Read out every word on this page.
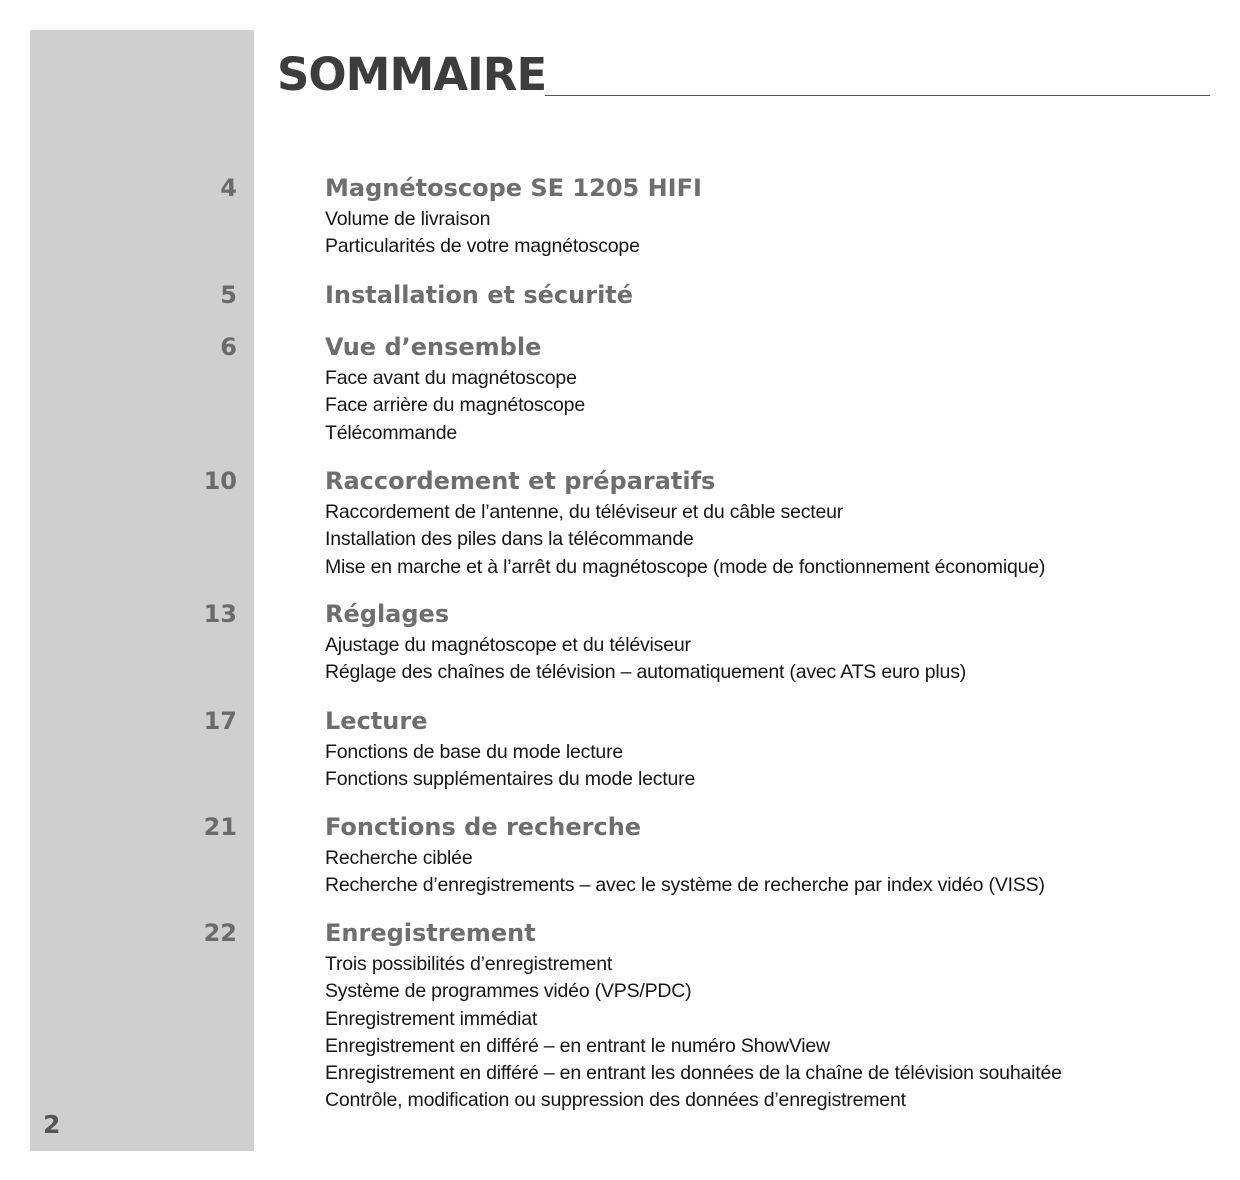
SOMMAIRE
4	Magnétoscope SE 1205 HIFI
Volume de livraison
Particularités de votre magnétoscope
5	Installation et sécurité
6	Vue d’ensemble
Face avant du magnétoscope
Face arrière du magnétoscope
Télécommande
10	Raccordement et préparatifs
Raccordement de l’antenne, du téléviseur et du câble secteur
Installation des piles dans la télécommande
Mise en marche et à l’arrêt du magnétoscope (mode de fonctionnement économique)
13	Réglages
Ajustage du magnétoscope et du téléviseur
Réglage des chaînes de télévision – automatiquement (avec ATS euro plus)
17	Lecture
Fonctions de base du mode lecture
Fonctions supplémentaires du mode lecture
21	Fonctions de recherche
Recherche ciblée
Recherche d’enregistrements – avec le système de recherche par index vidéo (VISS)
22	Enregistrement
Trois possibilités d’enregistrement
Système de programmes vidéo (VPS/PDC)
Enregistrement immédiat
Enregistrement en différé – en entrant le numéro ShowView
Enregistrement en différé – en entrant les données de la chaîne de télévision souhaitée
Contrôle, modification ou suppression des données d’enregistrement
2
